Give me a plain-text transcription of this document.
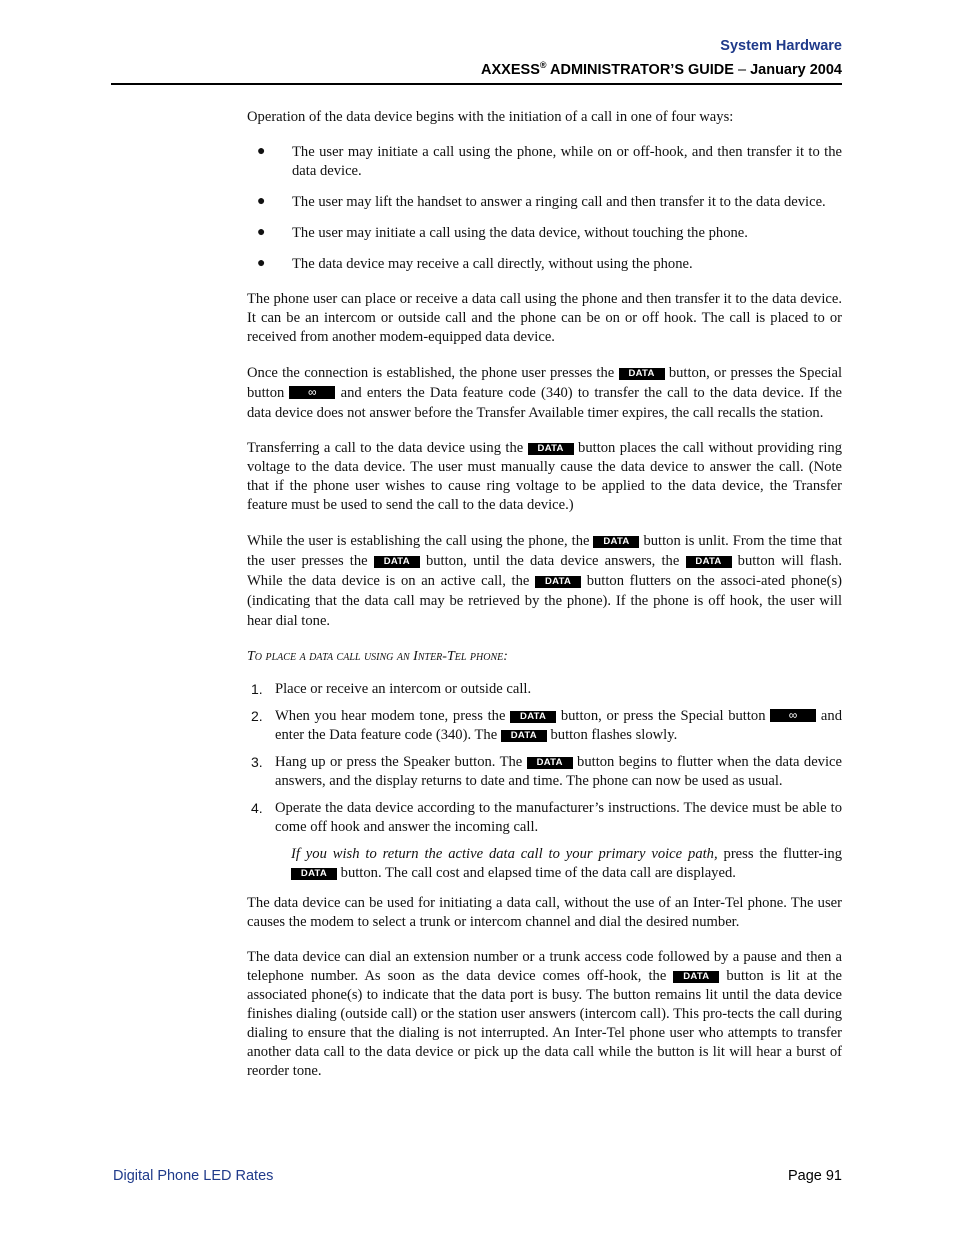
System Hardware
AXXESS® ADMINISTRATOR’S GUIDE – January 2004

Operation of the data device begins with the initiation of a call in one of four ways:

● The user may initiate a call using the phone, while on or off-hook, and then transfer it to the data device.
● The user may lift the handset to answer a ringing call and then transfer it to the data device.
● The user may initiate a call using the data device, without touching the phone.
● The data device may receive a call directly, without using the phone.

The phone user can place or receive a data call using the phone and then transfer it to the data device. It can be an intercom or outside call and the phone can be on or off hook. The call is placed to or received from another modem-equipped data device.

Once the connection is established, the phone user presses the DATA button, or presses the Special button ∞ and enters the Data feature code (340) to transfer the call to the data device. If the data device does not answer before the Transfer Available timer expires, the call recalls the station.

Transferring a call to the data device using the DATA button places the call without providing ring voltage to the data device. The user must manually cause the data device to answer the call. (Note that if the phone user wishes to cause ring voltage to be applied to the data device, the Transfer feature must be used to send the call to the data device.)

While the user is establishing the call using the phone, the DATA button is unlit. From the time that the user presses the DATA button, until the data device answers, the DATA button will flash. While the data device is on an active call, the DATA button flutters on the associ-ated phone(s) (indicating that the data call may be retrieved by the phone). If the phone is off hook, the user will hear dial tone.

To place a data call using an Inter-Tel phone:
1. Place or receive an intercom or outside call.
2. When you hear modem tone, press the DATA button, or press the Special button ∞ and enter the Data feature code (340). The DATA button flashes slowly.
3. Hang up or press the Speaker button. The DATA button begins to flutter when the data device answers, and the display returns to date and time. The phone can now be used as usual.
4. Operate the data device according to the manufacturer’s instructions. The device must be able to come off hook and answer the incoming call.

If you wish to return the active data call to your primary voice path, press the flutter-ing DATA button. The call cost and elapsed time of the data call are displayed.

The data device can be used for initiating a data call, without the use of an Inter-Tel phone. The user causes the modem to select a trunk or intercom channel and dial the desired number.

The data device can dial an extension number or a trunk access code followed by a pause and then a telephone number. As soon as the data device comes off-hook, the DATA button is lit at the associated phone(s) to indicate that the data port is busy. The button remains lit until the data device finishes dialing (outside call) or the station user answers (intercom call). This pro-tects the call during dialing to ensure that the dialing is not interrupted. An Inter-Tel phone user who attempts to transfer another data call to the data device or pick up the data call while the button is lit will hear a burst of reorder tone.

Digital Phone LED Rates	Page 91
